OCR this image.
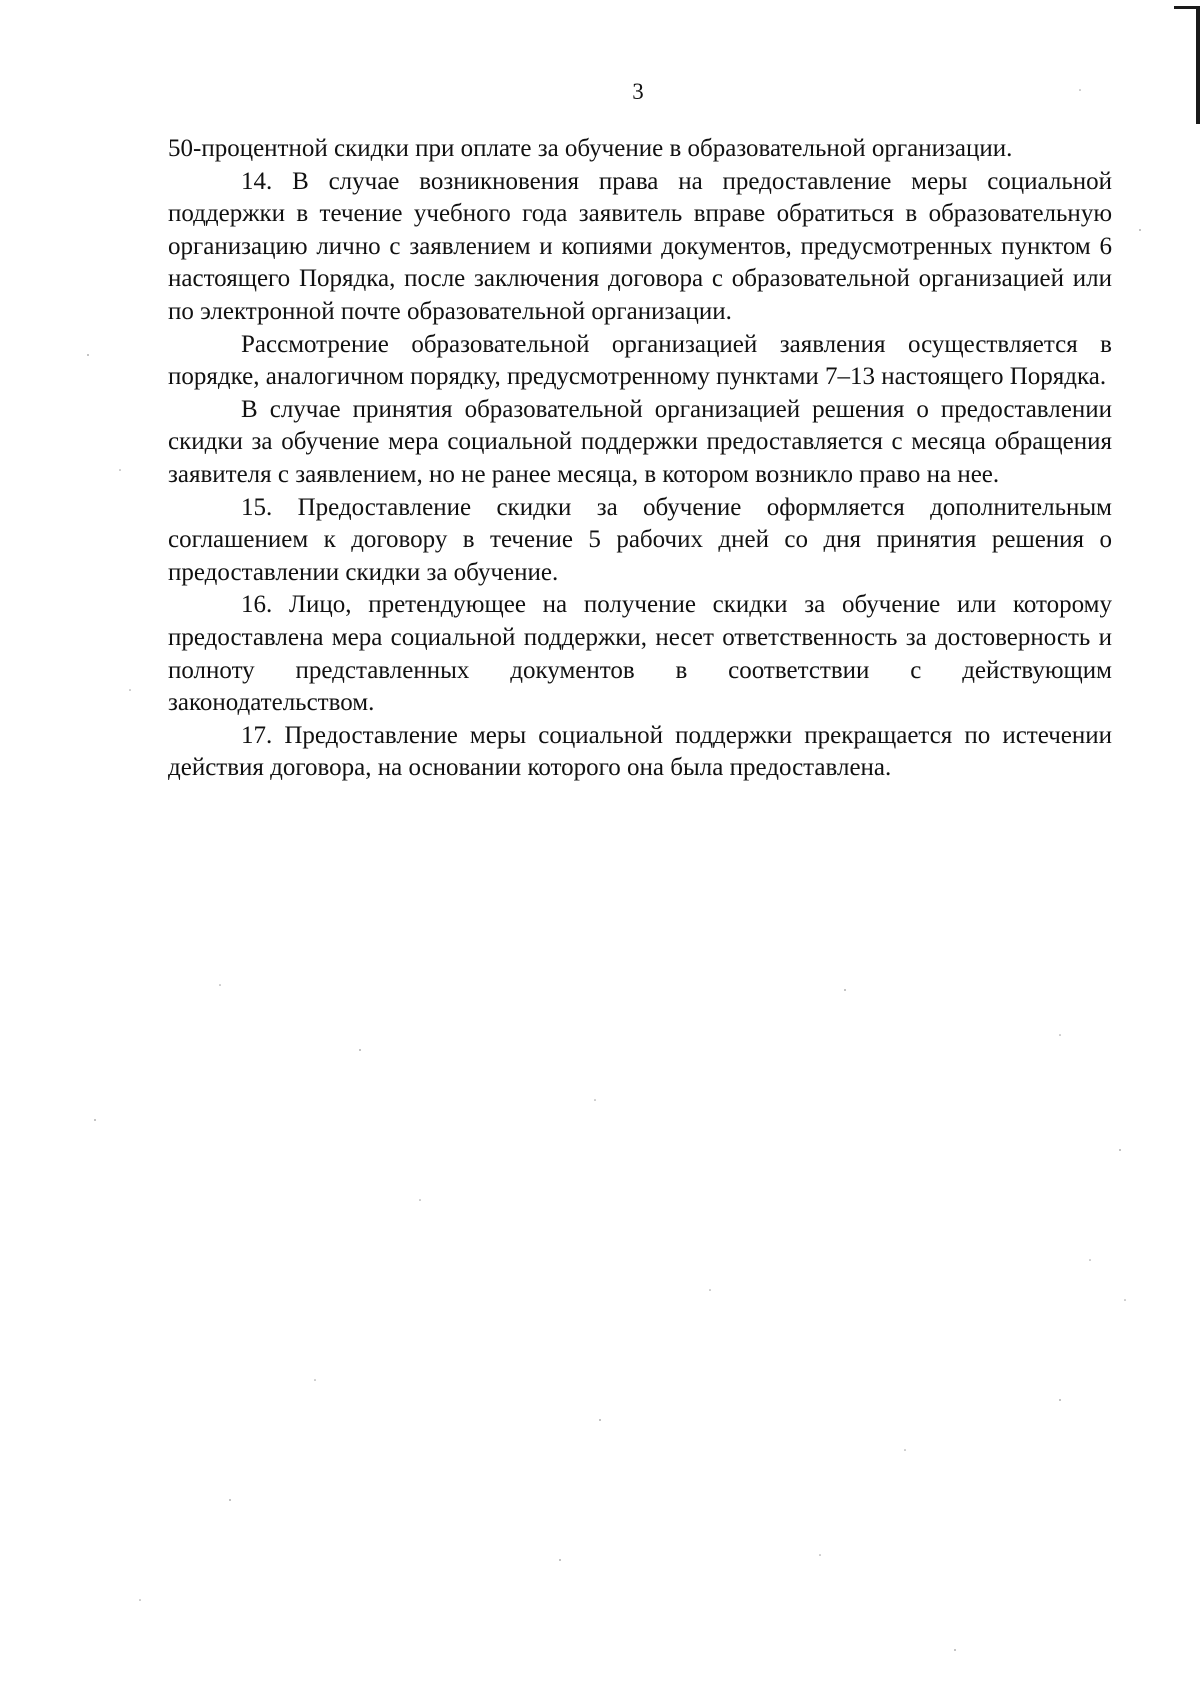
3

50-процентной скидки при оплате за обучение в образовательной организации.

14. В случае возникновения права на предоставление меры социальной поддержки в течение учебного года заявитель вправе обратиться в образовательную организацию лично с заявлением и копиями документов, предусмотренных пунктом 6 настоящего Порядка, после заключения договора с образовательной организацией или по электронной почте образовательной организации.

Рассмотрение образовательной организацией заявления осуществляется в порядке, аналогичном порядку, предусмотренному пунктами 7–13 настоящего Порядка.

В случае принятия образовательной организацией решения о предоставлении скидки за обучение мера социальной поддержки предоставляется с месяца обращения заявителя с заявлением, но не ранее месяца, в котором возникло право на нее.

15. Предоставление скидки за обучение оформляется дополнительным соглашением к договору в течение 5 рабочих дней со дня принятия решения о предоставлении скидки за обучение.

16. Лицо, претендующее на получение скидки за обучение или которому предоставлена мера социальной поддержки, несет ответственность за достоверность и полноту представленных документов в соответствии с действующим законодательством.

17. Предоставление меры социальной поддержки прекращается по истечении действия договора, на основании которого она была предоставлена.
